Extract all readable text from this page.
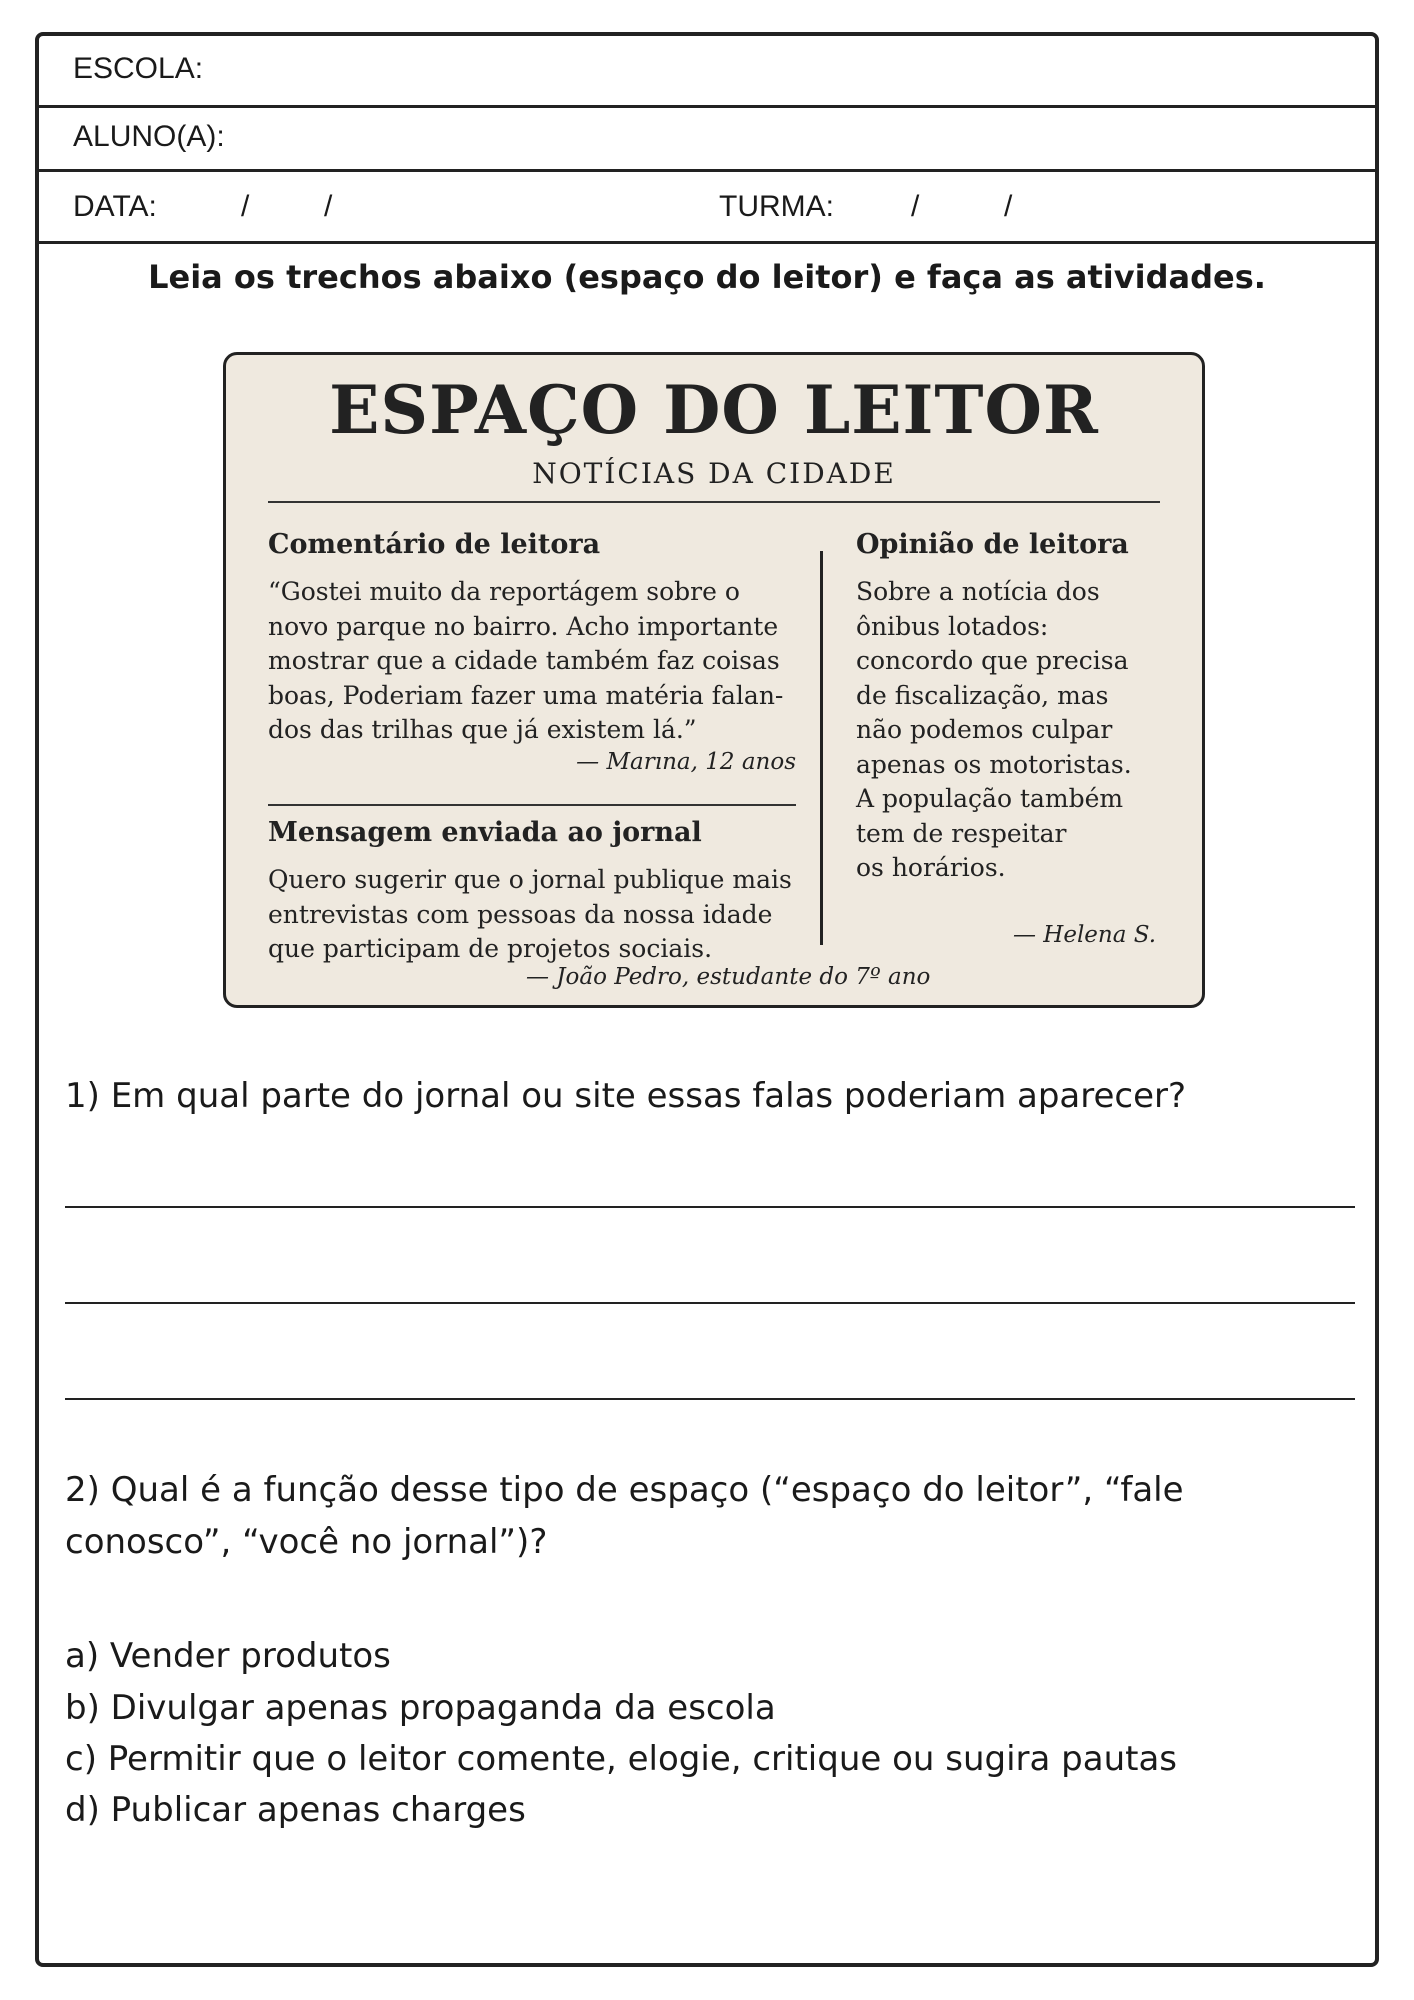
ESCOLA:
ALUNO(A):
DATA:	/ /	TURMA:	/	/
Leia os trechos abaixo (espaço do leitor) e faça as atividades.
ESPAÇO DO LEITOR
NOTÍCIAS DA CIDADE
Comentário de leitora
“Gostei muito da reportágem sobre o
novo parque no bairro. Acho importante
mostrar que a cidade também faz coisas
boas, Poderiam fazer uma matéria falan-
dos das trilhas que já existem lá.”
— Marına, 12 anos
Mensagem enviada ao jornal
Quero sugerir que o jornal publique mais
entrevistas com pessoas da nossa idade
que participam de projetos sociais.
— João Pedro, estudante do 7º ano
Opinião de leitora
Sobre a notícia dos
ônibus lotados:
concordo que precisa
de fiscalização, mas
não podemos culpar
apenas os motoristas.
A população também
tem de respeitar
os horários.
— Helena S.
1) Em qual parte do jornal ou site essas falas poderiam aparecer?
2) Qual é a função desse tipo de espaço (“espaço do leitor”, “fale
conosco”, “você no jornal”)?
a) Vender produtos
b) Divulgar apenas propaganda da escola
c) Permitir que o leitor comente, elogie, critique ou sugira pautas
d) Publicar apenas charges
